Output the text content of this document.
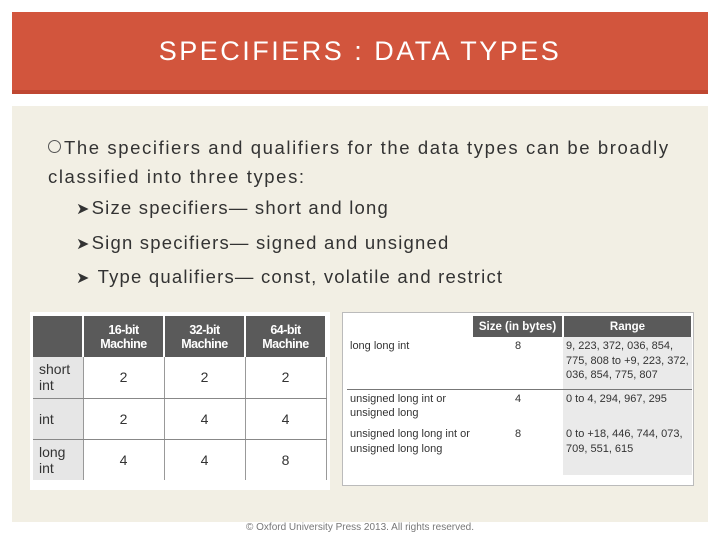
SPECIFIERS : DATA TYPES
The specifiers and qualifiers for the data types can be broadly classified into three types:
➤Size specifiers— short and long
➤Sign specifiers— signed and unsigned
➤ Type qualifiers— const, volatile and restrict
	16-bit Machine	32-bit Machine	64-bit Machine
short int	2	2	2
int	2	4	4
long int	4	4	8
	Size (in bytes)	Range
long long int	8	9, 223, 372, 036, 854, 775, 808 to +9, 223, 372, 036, 854, 775, 807
unsigned long int or unsigned long	4	0 to 4, 294, 967, 295
unsigned long long int or unsigned long long	8	0 to +18, 446, 744, 073, 709, 551, 615
© Oxford University Press 2013. All rights reserved.
